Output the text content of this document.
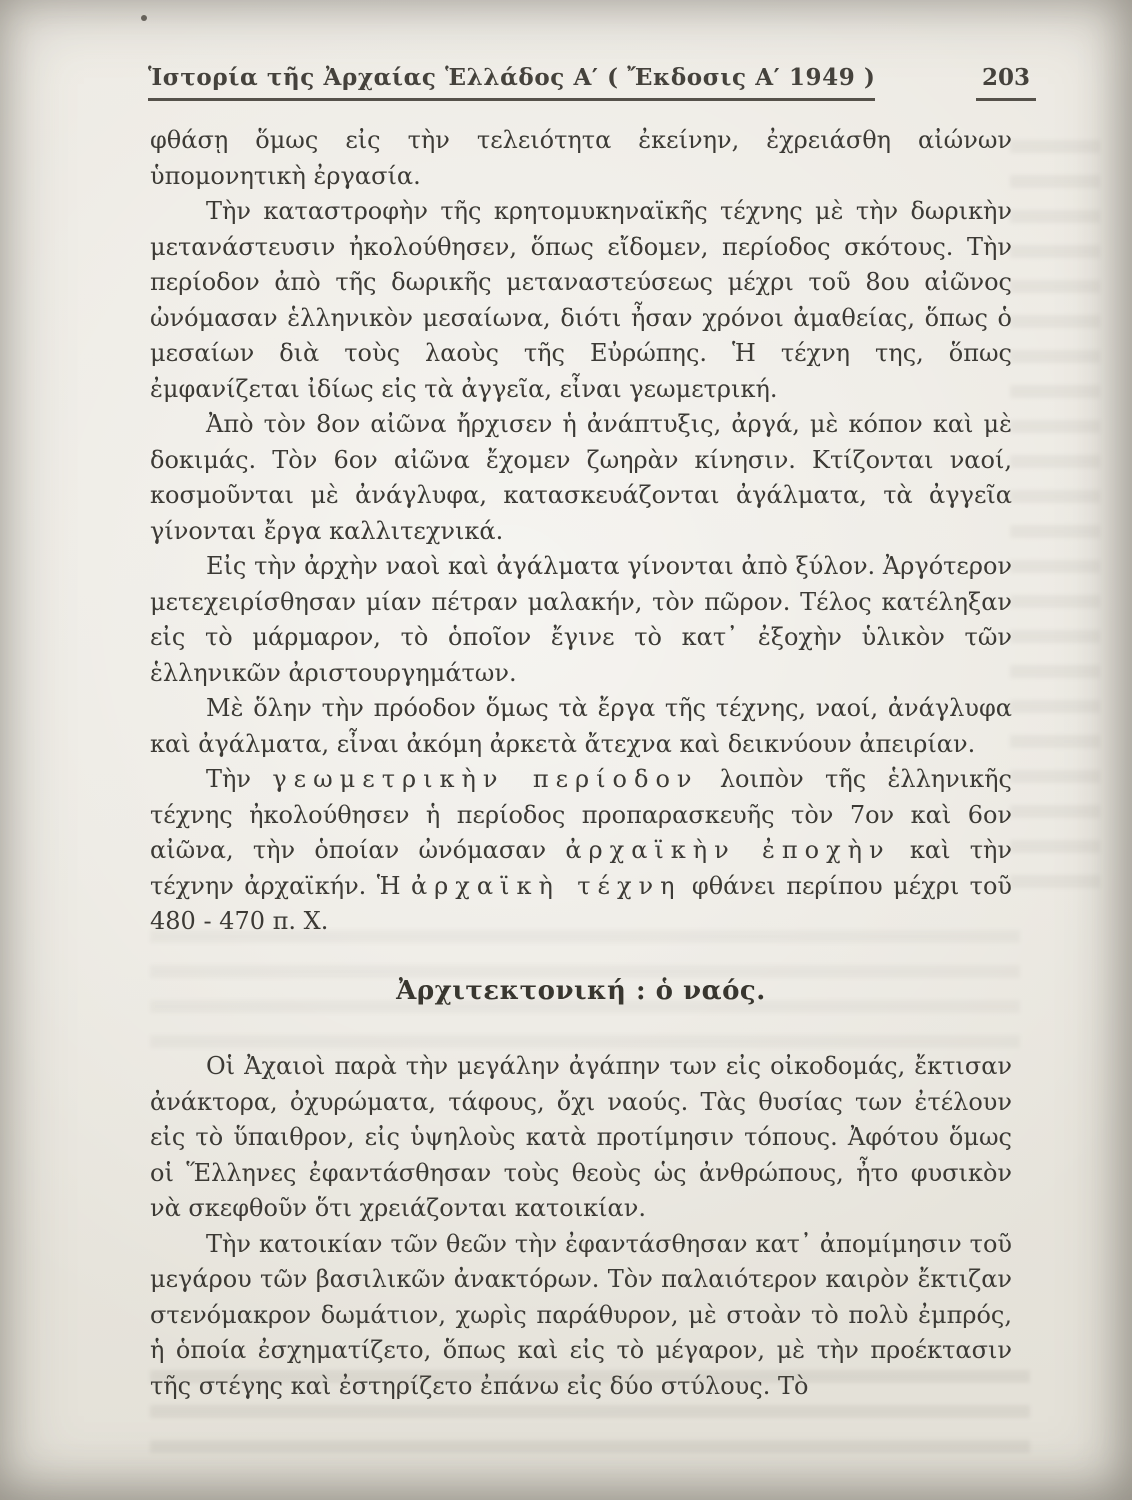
Ἱστορία τῆς Ἀρχαίας Ἑλλάδος Α′ ( Ἔκδοσις Α′ 1949 )	203

φθάσῃ ὅμως εἰς τὴν τελειότητα ἐκείνην, ἐχρειάσθη αἰώνων ὑπομονητικὴ ἐργασία.

Τὴν καταστροφὴν τῆς κρητομυκηναϊκῆς τέχνης μὲ τὴν δωρικὴν μετανάστευσιν ἠκολούθησεν, ὅπως εἴδομεν, περίοδος σκότους. Τὴν περίοδον ἀπὸ τῆς δωρικῆς μεταναστεύσεως μέχρι τοῦ 8ου αἰῶνος ὠνόμασαν ἑλληνικὸν μεσαίωνα, διότι ἦσαν χρόνοι ἀμαθείας, ὅπως ὁ μεσαίων διὰ τοὺς λαοὺς τῆς Εὐρώπης. Ἡ τέχνη της, ὅπως ἐμφανίζεται ἰδίως εἰς τὰ ἀγγεῖα, εἶναι γεωμετρική.

Ἀπὸ τὸν 8ον αἰῶνα ἤρχισεν ἡ ἀνάπτυξις, ἀργά, μὲ κόπον καὶ μὲ δοκιμάς. Τὸν 6ον αἰῶνα ἔχομεν ζωηρὰν κίνησιν. Κτίζονται ναοί, κοσμοῦνται μὲ ἀνάγλυφα, κατασκευάζονται ἀγάλματα, τὰ ἀγγεῖα γίνονται ἔργα καλλιτεχνικά.

Εἰς τὴν ἀρχὴν ναοὶ καὶ ἀγάλματα γίνονται ἀπὸ ξύλον. Ἀργότερον μετεχειρίσθησαν μίαν πέτραν μαλακήν, τὸν πῶρον. Τέλος κατέληξαν εἰς τὸ μάρμαρον, τὸ ὁποῖον ἔγινε τὸ κατ᾽ ἐξοχὴν ὑλικὸν τῶν ἑλληνικῶν ἀριστουργημάτων.

Μὲ ὅλην τὴν πρόοδον ὅμως τὰ ἔργα τῆς τέχνης, ναοί, ἀνάγλυφα καὶ ἀγάλματα, εἶναι ἀκόμη ἀρκετὰ ἄτεχνα καὶ δεικνύουν ἀπειρίαν.

Τὴν γεωμετρικὴν περίοδον λοιπὸν τῆς ἑλληνικῆς τέχνης ἠκολούθησεν ἡ περίοδος προπαρασκευῆς τὸν 7ον καὶ 6ον αἰῶνα, τὴν ὁποίαν ὠνόμασαν ἀρχαϊκὴν ἐποχὴν καὶ τὴν τέχνην ἀρχαϊκήν. Ἡ ἀρχαϊκὴ τέχνη φθάνει περίπου μέχρι τοῦ 480 - 470 π. Χ.

Ἀρχιτεκτονική : ὁ ναός.

Οἱ Ἀχαιοὶ παρὰ τὴν μεγάλην ἀγάπην των εἰς οἰκοδομάς, ἔκτισαν ἀνάκτορα, ὀχυρώματα, τάφους, ὄχι ναούς. Τὰς θυσίας των ἐτέλουν εἰς τὸ ὕπαιθρον, εἰς ὑψηλοὺς κατὰ προτίμησιν τόπους. Ἀφότου ὅμως οἱ Ἕλληνες ἐφαντάσθησαν τοὺς θεοὺς ὡς ἀνθρώπους, ἦτο φυσικὸν νὰ σκεφθοῦν ὅτι χρειάζονται κατοικίαν.

Τὴν κατοικίαν τῶν θεῶν τὴν ἐφαντάσθησαν κατ᾽ ἀπομίμησιν τοῦ μεγάρου τῶν βασιλικῶν ἀνακτόρων. Τὸν παλαιότερον καιρὸν ἔκτιζαν στενόμακρον δωμάτιον, χωρὶς παράθυρον, μὲ στοὰν τὸ πολὺ ἐμπρός, ἡ ὁποία ἐσχηματίζετο, ὅπως καὶ εἰς τὸ μέγαρον, μὲ τὴν προέκτασιν τῆς στέγης καὶ ἐστηρίζετο ἐπάνω εἰς δύο στύλους. Τὸ
